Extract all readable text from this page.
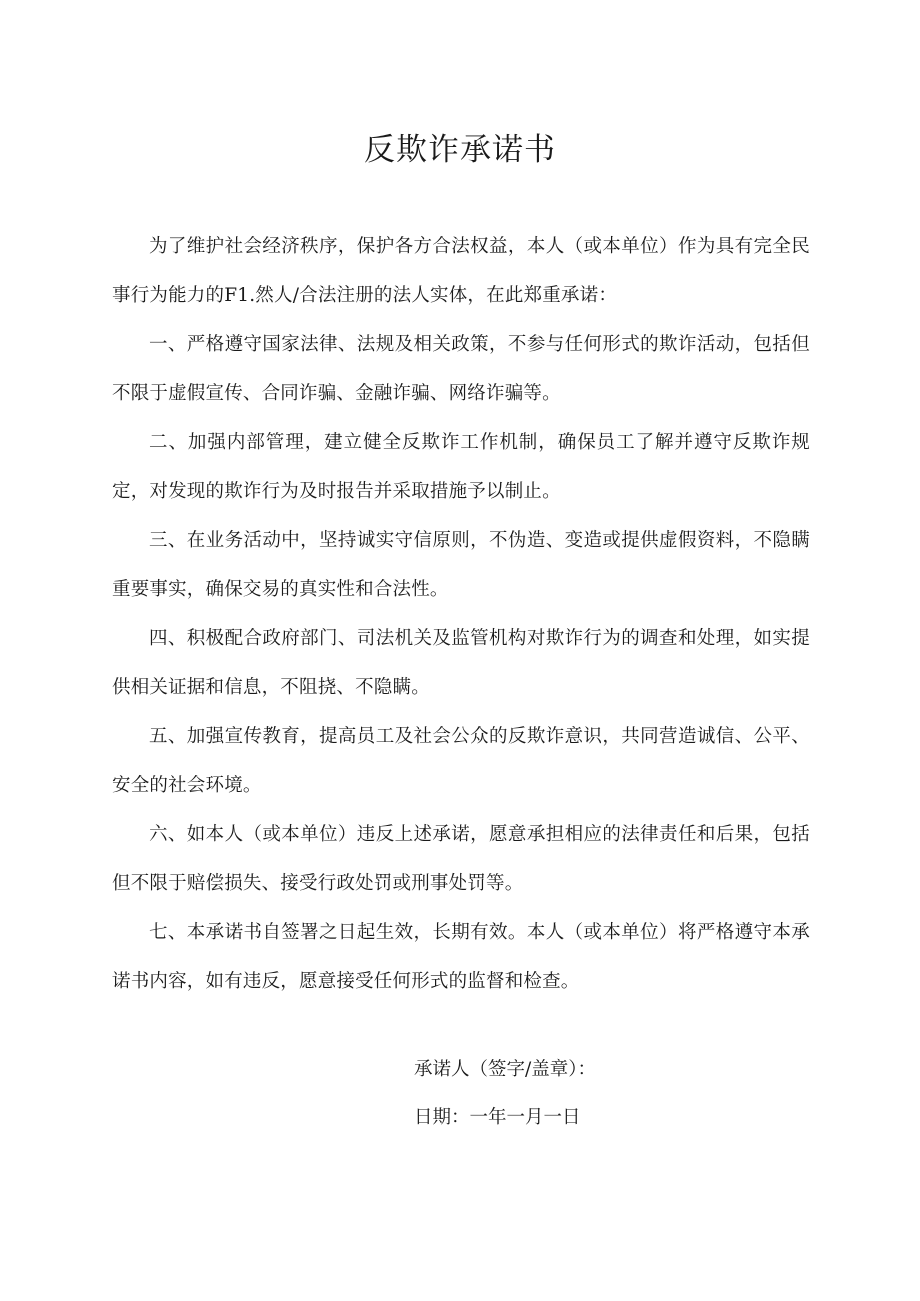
反欺诈承诺书

为了维护社会经济秩序，保护各方合法权益，本人（或本单位）作为具有完全民事行为能力的F1.然人/合法注册的法人实体，在此郑重承诺：

一、严格遵守国家法律、法规及相关政策，不参与任何形式的欺诈活动，包括但不限于虚假宣传、合同诈骗、金融诈骗、网络诈骗等。

二、加强内部管理，建立健全反欺诈工作机制，确保员工了解并遵守反欺诈规定，对发现的欺诈行为及时报告并采取措施予以制止。

三、在业务活动中，坚持诚实守信原则，不伪造、变造或提供虚假资料，不隐瞒重要事实，确保交易的真实性和合法性。

四、积极配合政府部门、司法机关及监管机构对欺诈行为的调查和处理，如实提供相关证据和信息，不阻挠、不隐瞒。

五、加强宣传教育，提高员工及社会公众的反欺诈意识，共同营造诚信、公平、安全的社会环境。

六、如本人（或本单位）违反上述承诺，愿意承担相应的法律责任和后果，包括但不限于赔偿损失、接受行政处罚或刑事处罚等。

七、本承诺书自签署之日起生效，长期有效。本人（或本单位）将严格遵守本承诺书内容，如有违反，愿意接受任何形式的监督和检查。

承诺人（签字/盖章）：
日期：一年一月一日
